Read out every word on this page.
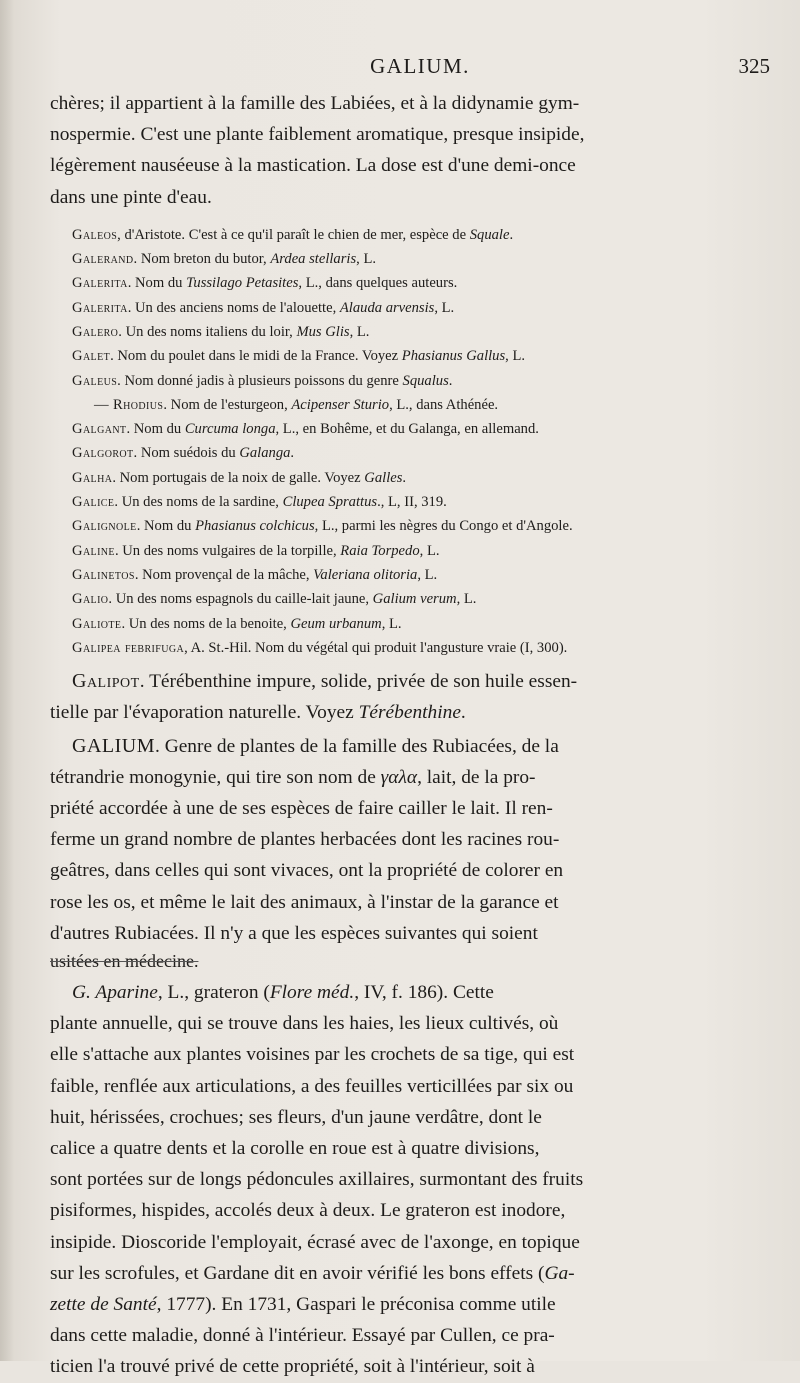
GALIUM.	325

chères; il appartient à la famille des Labiées, et à la didynamie gym-

nospermie. C'est une plante faiblement aromatique, presque insipide,

légèrement nauséeuse à la mastication. La dose est d'une demi-once

dans une pinte d'eau.

Galeos, d'Aristote. C'est à ce qu'il paraît le chien de mer, espèce de Squale.
Galerand. Nom breton du butor, Ardea stellaris, L.
Galerita. Nom du Tussilago Petasites, L., dans quelques auteurs.
Galerita. Un des anciens noms de l'alouette, Alauda arvensis, L.
Galero. Un des noms italiens du loir, Mus Glis, L.
Galet. Nom du poulet dans le midi de la France. Voyez Phasianus Gallus, L.
Galeus. Nom donné jadis à plusieurs poissons du genre Squalus.
— Rhodius. Nom de l'esturgeon, Acipenser Sturio, L., dans Athénée.
Galgant. Nom du Curcuma longa, L., en Bohême, et du Galanga, en allemand.
Galgorot. Nom suédois du Galanga.
Galha. Nom portugais de la noix de galle. Voyez Galles.
Galice. Un des noms de la sardine, Clupea Sprattus., L, II, 319.
Galignole. Nom du Phasianus colchicus, L., parmi les nègres du Congo et d'Angole.
Galine. Un des noms vulgaires de la torpille, Raia Torpedo, L.
Galinetos. Nom provençal de la mâche, Valeriana olitoria, L.
Galio. Un des noms espagnols du caille-lait jaune, Galium verum, L.
Galiote. Un des noms de la benoite, Geum urbanum, L.
Galipea febrifuga, A. St.-Hil. Nom du végétal qui produit l'angusture vraie (I, 300).

Galipot. Térébenthine impure, solide, privée de son huile essen-

tielle par l'évaporation naturelle. Voyez Térébenthine.

GALIUM. Genre de plantes de la famille des Rubiacées, de la

tétrandrie monogynie, qui tire son nom de γαλα, lait, de la pro-

priété accordée à une de ses espèces de faire cailler le lait. Il ren-

ferme un grand nombre de plantes herbacées dont les racines rou-

geâtres, dans celles qui sont vivaces, ont la propriété de colorer en

rose les os, et même le lait des animaux, à l'instar de la garance et

d'autres Rubiacées. Il n'y a que les espèces suivantes qui soient

usitées en médecine.

G. Aparine, L., grateron (Flore méd., IV, f. 186). Cette

plante annuelle, qui se trouve dans les haies, les lieux cultivés, où

elle s'attache aux plantes voisines par les crochets de sa tige, qui est

faible, renflée aux articulations, a des feuilles verticillées par six ou

huit, hérissées, crochues; ses fleurs, d'un jaune verdâtre, dont le

calice a quatre dents et la corolle en roue est à quatre divisions,

sont portées sur de longs pédoncules axillaires, surmontant des fruits

pisiformes, hispides, accolés deux à deux. Le grateron est inodore,

insipide. Dioscoride l'employait, écrasé avec de l'axonge, en topique

sur les scrofules, et Gardane dit en avoir vérifié les bons effets (Ga-

zette de Santé, 1777). En 1731, Gaspari le préconisa comme utile

dans cette maladie, donné à l'intérieur. Essayé par Cullen, ce pra-

ticien l'a trouvé privé de cette propriété, soit à l'intérieur, soit à
